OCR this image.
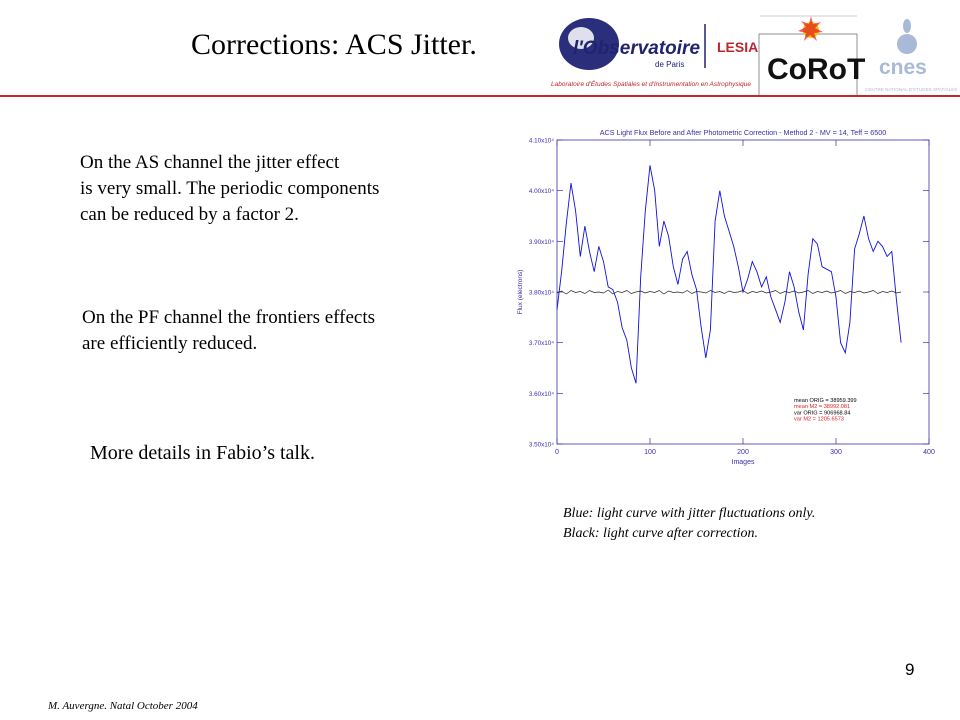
Corrections: ACS Jitter.	l'Observatoire
de Paris
LESIA
Laboratoire d'Études Spatiales et d'Instrumentation en Astrophysique CoRoT cnes
CENTRE NATIONAL D'ÉTUDES SPATIALES
On the AS channel the jitter effect
is very small. The periodic components
can be reduced by a factor 2.
On the PF channel the frontiers effects
are efficiently reduced.
More details in Fabio’s talk.
ACS Light Flux Before and After Photometric Correction - Method 2 - MV = 14, Teff = 6500
0	100	200	300	400
3.50x10⁴
3.60x10⁴
3.70x10⁴
3.80x10⁴
3.90x10⁴
4.00x10⁴
4.10x10⁴
Images
Flux (electrons)
mean ORIG = 38959.399
mean M2 = 38992.081
var ORIG = 906968.84
var M2 = 1205.6573
Blue: light curve with jitter fluctuations only.
Black: light curve after correction.
9
M. Auvergne. Natal October 2004
